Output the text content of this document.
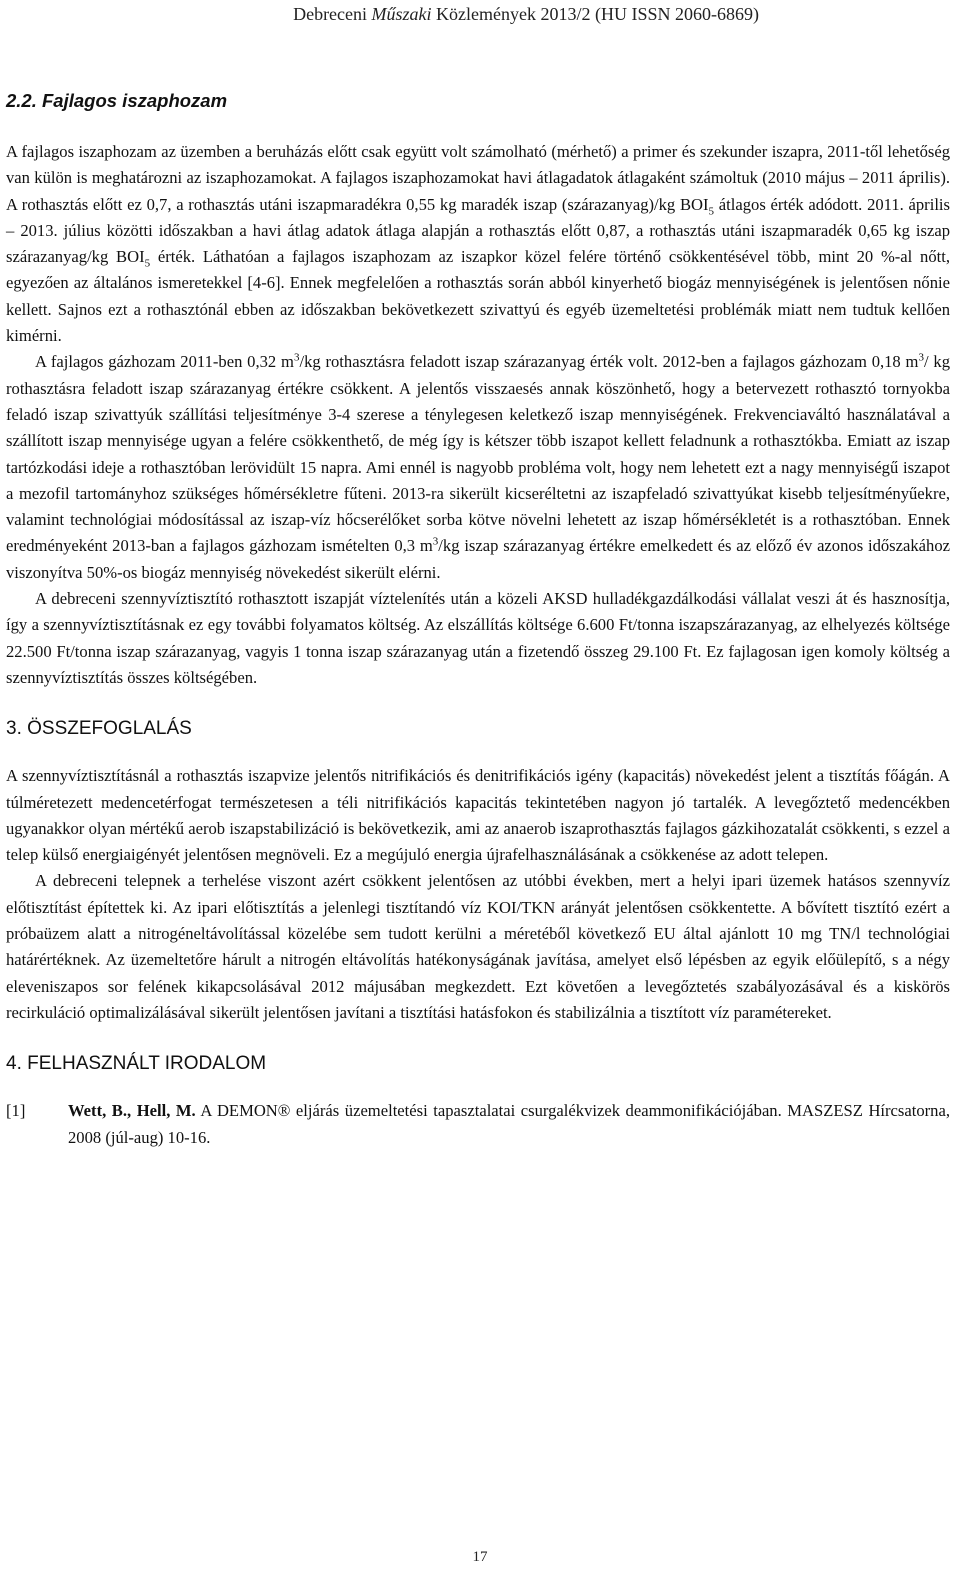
Debreceni Műszaki Közlemények 2013/2 (HU ISSN 2060-6869)
2.2. Fajlagos iszaphozam

A fajlagos iszaphozam az üzemben a beruházás előtt csak együtt volt számolható (mérhető) a primer és szekunder iszapra, 2011-től lehetőség van külön is meghatározni az iszaphozamokat. A fajlagos iszaphozamokat havi átlagadatok átlagaként számoltuk (2010 május – 2011 április). A rothasztás előtt ez 0,7, a rothasztás utáni iszapmaradékra 0,55 kg maradék iszap (szárazanyag)/kg $BOI_5$ átlagos érték adódott. 2011. április – 2013. július közötti időszakban a havi átlag adatok átlaga alapján a rothasztás előtt 0,87, a rothasztás utáni iszapmaradék 0,65 kg iszap szárazanyag/kg $BOI_5$ érték. Láthatóan a fajlagos iszaphozam az iszapkor közel felére történő csökkentésével több, mint 20 %-al nőtt, egyezően az általános ismeretekkel [4-6]. Ennek megfelelően a rothasztás során abból kinyerhető biogáz mennyiségének is jelentősen nőnie kellett. Sajnos ezt a rothasztónál ebben az időszakban bekövetkezett szivattyú és egyéb üzemeltetési problémák miatt nem tudtuk kellően kimérni.

A fajlagos gázhozam 2011-ben 0,32 $m^3/kg$ rothasztásra feladott iszap szárazanyag érték volt. 2012-ben a fajlagos gázhozam 0,18 $m^3/$ kg rothasztásra feladott iszap szárazanyag értékre csökkent. A jelentős visszaesés annak köszönhető, hogy a betervezett rothasztó tornyokba feladó iszap szivattyúk szállítási teljesítménye 3-4 szerese a ténylegesen keletkező iszap mennyiségének. Frekvenciaváltó használatával a szállított iszap mennyisége ugyan a felére csökkenthető, de még így is kétszer több iszapot kellett feladnunk a rothasztókba. Emiatt az iszap tartózkodási ideje a rothasztóban lerövidült 15 napra. Ami ennél is nagyobb probléma volt, hogy nem lehetett ezt a nagy mennyiségű iszapot a mezofil tartományhoz szükséges hőmérsékletre fűteni. 2013-ra sikerült kicseréltetni az iszapfeladó szivattyúkat kisebb teljesítményűekre, valamint technológiai módosítással az iszap-víz hőcserélőket sorba kötve növelni lehetett az iszap hőmérsékletét is a rothasztóban. Ennek eredményeként 2013-ban a fajlagos gázhozam ismételten 0,3 $m^3/kg$ iszap szárazanyag értékre emelkedett és az előző év azonos időszakához viszonyítva 50%-os biogáz mennyiség növekedést sikerült elérni.

A debreceni szennyvíztisztító rothasztott iszapját víztelenítés után a közeli AKSD hulladékgazdálkodási vállalat veszi át és hasznosítja, így a szennyvíztisztításnak ez egy további folyamatos költség. Az elszállítás költsége 6.600 Ft/tonna iszapszárazanyag, az elhelyezés költsége 22.500 Ft/tonna iszap szárazanyag, vagyis 1 tonna iszap szárazanyag után a fizetendő összeg 29.100 Ft. Ez fajlagosan igen komoly költség a szennyvíztisztítás összes költségében.

3. ÖSSZEFOGLALÁS

A szennyvíztisztításnál a rothasztás iszapvize jelentős nitrifikációs és denitrifikációs igény (kapacitás) növekedést jelent a tisztítás főágán. A túlméretezett medencetérfogat természetesen a téli nitrifikációs kapacitás tekintetében nagyon jó tartalék. A levegőztető medencékben ugyanakkor olyan mértékű aerob iszapstabilizáció is bekövetkezik, ami az anaerob iszaprothasztás fajlagos gázkihozatalát csökkenti, s ezzel a telep külső energiaigényét jelentősen megnöveli. Ez a megújuló energia újrafelhasználásának a csökkenése az adott telepen.

A debreceni telepnek a terhelése viszont azért csökkent jelentősen az utóbbi években, mert a helyi ipari üzemek hatásos szennyvíz előtisztítást építettek ki. Az ipari előtisztítás a jelenlegi tisztítandó víz KOI/TKN arányát jelentősen csökkentette. A bővített tisztító ezért a próbaüzem alatt a nitrogéneltávolítással közelébe sem tudott kerülni a méretéből következő EU által ajánlott 10 mg TN/l technológiai határértéknek. Az üzemeltetőre hárult a nitrogén eltávolítás hatékonyságának javítása, amelyet első lépésben az egyik előülepítő, s a négy eleveniszapos sor felének kikapcsolásával 2012 májusában megkezdett. Ezt követően a levegőztetés szabályozásával és a kiskörös recirkuláció optimalizálásával sikerült jelentősen javítani a tisztítási hatásfokon és stabilizálnia a tisztított víz paramétereket.

4. FELHASZNÁLT IRODALOM
[1]	Wett, B., Hell, M. A DEMON® eljárás üzemeltetési tapasztalatai csurgalékvizek deammonifikációjában. MASZESZ Hírcsatorna, 2008 (júl-aug) 10-16.
17
